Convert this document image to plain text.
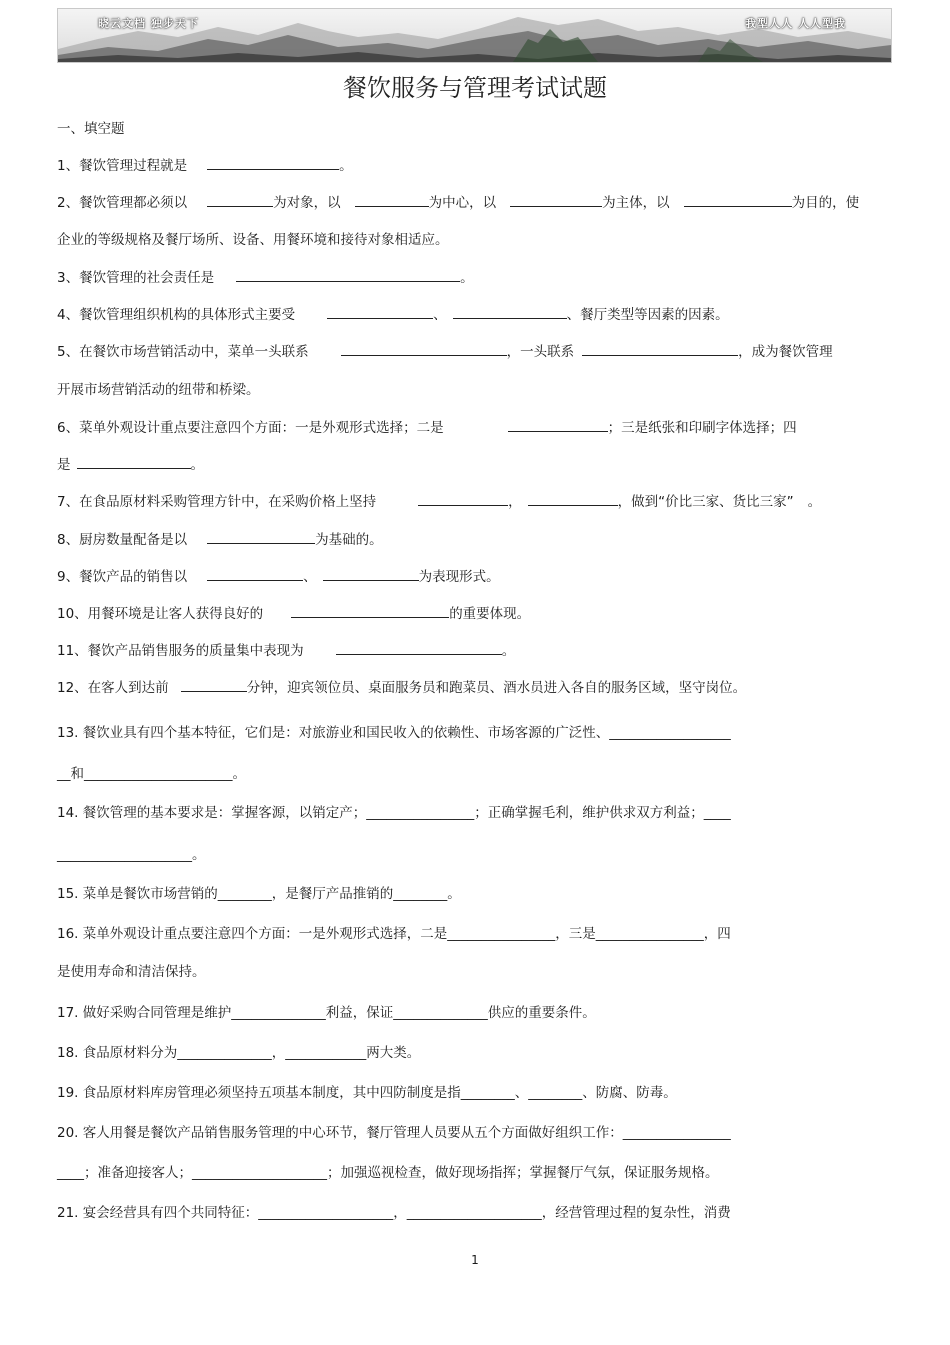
晓云文档 独步天下	我型人人 人人型我
餐饮服务与管理考试试题
一、填空题
1、餐饮管理过程就是	。
2、餐饮管理都必须以	为对象，以	为中心，以	为主体，以	为目的，使
企业的等级规格及餐厅场所、设备、用餐环境和接待对象相适应。
3、餐饮管理的社会责任是	。
4、餐饮管理组织机构的具体形式主要受	、	、餐厅类型等因素的因素。
5、在餐饮市场营销活动中，菜单一头联系	，一头联系	，成为餐饮管理
开展市场营销活动的纽带和桥梁。
6、菜单外观设计重点要注意四个方面：一是外观形式选择；二是	；三是纸张和印刷字体选择；四
是	。
7、在食品原材料采购管理方针中，在采购价格上坚持	，	，做到“价比三家、货比三家” 。
8、厨房数量配备是以	为基础的。
9、餐饮产品的销售以	、	为表现形式。
10、用餐环境是让客人获得良好的	的重要体现。
11、餐饮产品销售服务的质量集中表现为	。
12、在客人到达前	分钟，迎宾领位员、桌面服务员和跑菜员、酒水员进入各自的服务区域，坚守岗位。
13. 餐饮业具有四个基本特征，它们是：对旅游业和国民收入的依赖性、市场客源的广泛性、__________________
__和______________________。
14. 餐饮管理的基本要求是：掌握客源，以销定产；________________；正确掌握毛利，维护供求双方利益；____
____________________。
15. 菜单是餐饮市场营销的________，是餐厅产品推销的________。
16. 菜单外观设计重点要注意四个方面：一是外观形式选择，二是________________，三是________________，四
是使用寿命和清洁保持。
17. 做好采购合同管理是维护______________利益，保证______________供应的重要条件。
18. 食品原材料分为______________，____________两大类。
19. 食品原材料库房管理必须坚持五项基本制度，其中四防制度是指________、________、防腐、防毒。
20. 客人用餐是餐饮产品销售服务管理的中心环节，餐厅管理人员要从五个方面做好组织工作：________________
____；准备迎接客人；____________________；加强巡视检查，做好现场指挥；掌握餐厅气氛，保证服务规格。
21. 宴会经营具有四个共同特征：____________________，____________________，经营管理过程的复杂性，消费
1
